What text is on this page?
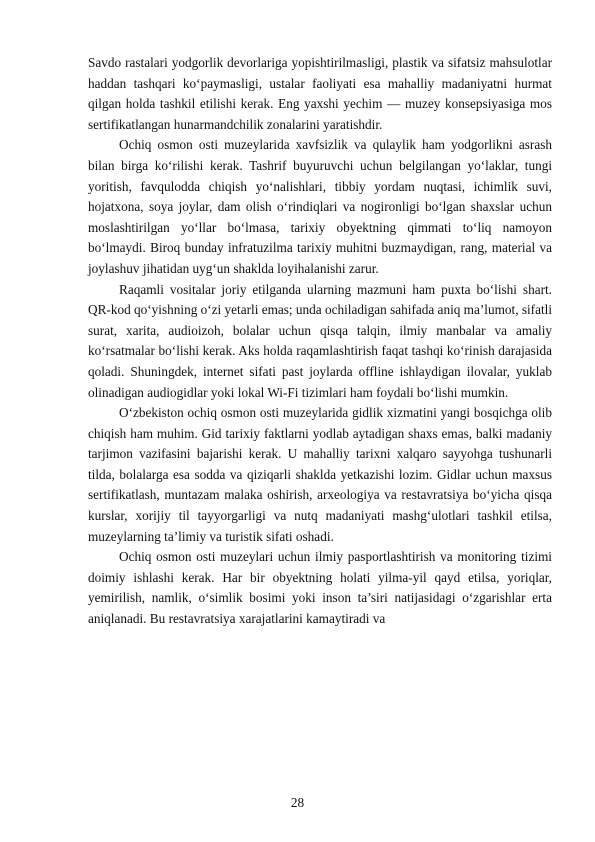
Savdo rastalari yodgorlik devorlariga yopishtirilmasligi, plastik va sifatsiz mahsulotlar haddan tashqari ko‘paymasligi, ustalar faoliyati esa mahalliy madaniyatni hurmat qilgan holda tashkil etilishi kerak. Eng yaxshi yechim — muzey konsepsiyasiga mos sertifikatlangan hunarmandchilik zonalarini yaratishdir.

Ochiq osmon osti muzeylarida xavfsizlik va qulaylik ham yodgorlikni asrash bilan birga ko‘rilishi kerak. Tashrif buyuruvchi uchun belgilangan yo‘laklar, tungi yoritish, favqulodda chiqish yo‘nalishlari, tibbiy yordam nuqtasi, ichimlik suvi, hojatxona, soya joylar, dam olish o‘rindiqlari va nogironligi bo‘lgan shaxslar uchun moslashtirilgan yo‘llar bo‘lmasa, tarixiy obyektning qimmati to‘liq namoyon bo‘lmaydi. Biroq bunday infratuzilma tarixiy muhitni buzmaydigan, rang, material va joylashuv jihatidan uyg‘un shaklda loyihalanishi zarur.

Raqamli vositalar joriy etilganda ularning mazmuni ham puxta bo‘lishi shart. QR-kod qo‘yishning o‘zi yetarli emas; unda ochiladigan sahifada aniq ma’lumot, sifatli surat, xarita, audioizoh, bolalar uchun qisqa talqin, ilmiy manbalar va amaliy ko‘rsatmalar bo‘lishi kerak. Aks holda raqamlashtirish faqat tashqi ko‘rinish darajasida qoladi. Shuningdek, internet sifati past joylarda offline ishlaydigan ilovalar, yuklab olinadigan audiogidlar yoki lokal Wi-Fi tizimlari ham foydali bo‘lishi mumkin.

O‘zbekiston ochiq osmon osti muzeylarida gidlik xizmatini yangi bosqichga olib chiqish ham muhim. Gid tarixiy faktlarni yodlab aytadigan shaxs emas, balki madaniy tarjimon vazifasini bajarishi kerak. U mahalliy tarixni xalqaro sayyohga tushunarli tilda, bolalarga esa sodda va qiziqarli shaklda yetkazishi lozim. Gidlar uchun maxsus sertifikatlash, muntazam malaka oshirish, arxeologiya va restavratsiya bo‘yicha qisqa kurslar, xorijiy til tayyorgarligi va nutq madaniyati mashg‘ulotlari tashkil etilsa, muzeylarning ta’limiy va turistik sifati oshadi.

Ochiq osmon osti muzeylari uchun ilmiy pasportlashtirish va monitoring tizimi doimiy ishlashi kerak. Har bir obyektning holati yilma-yil qayd etilsa, yoriqlar, yemirilish, namlik, o‘simlik bosimi yoki inson ta’siri natijasidagi o‘zgarishlar erta aniqlanadi. Bu restavratsiya xarajatlarini kamaytiradi va

28
